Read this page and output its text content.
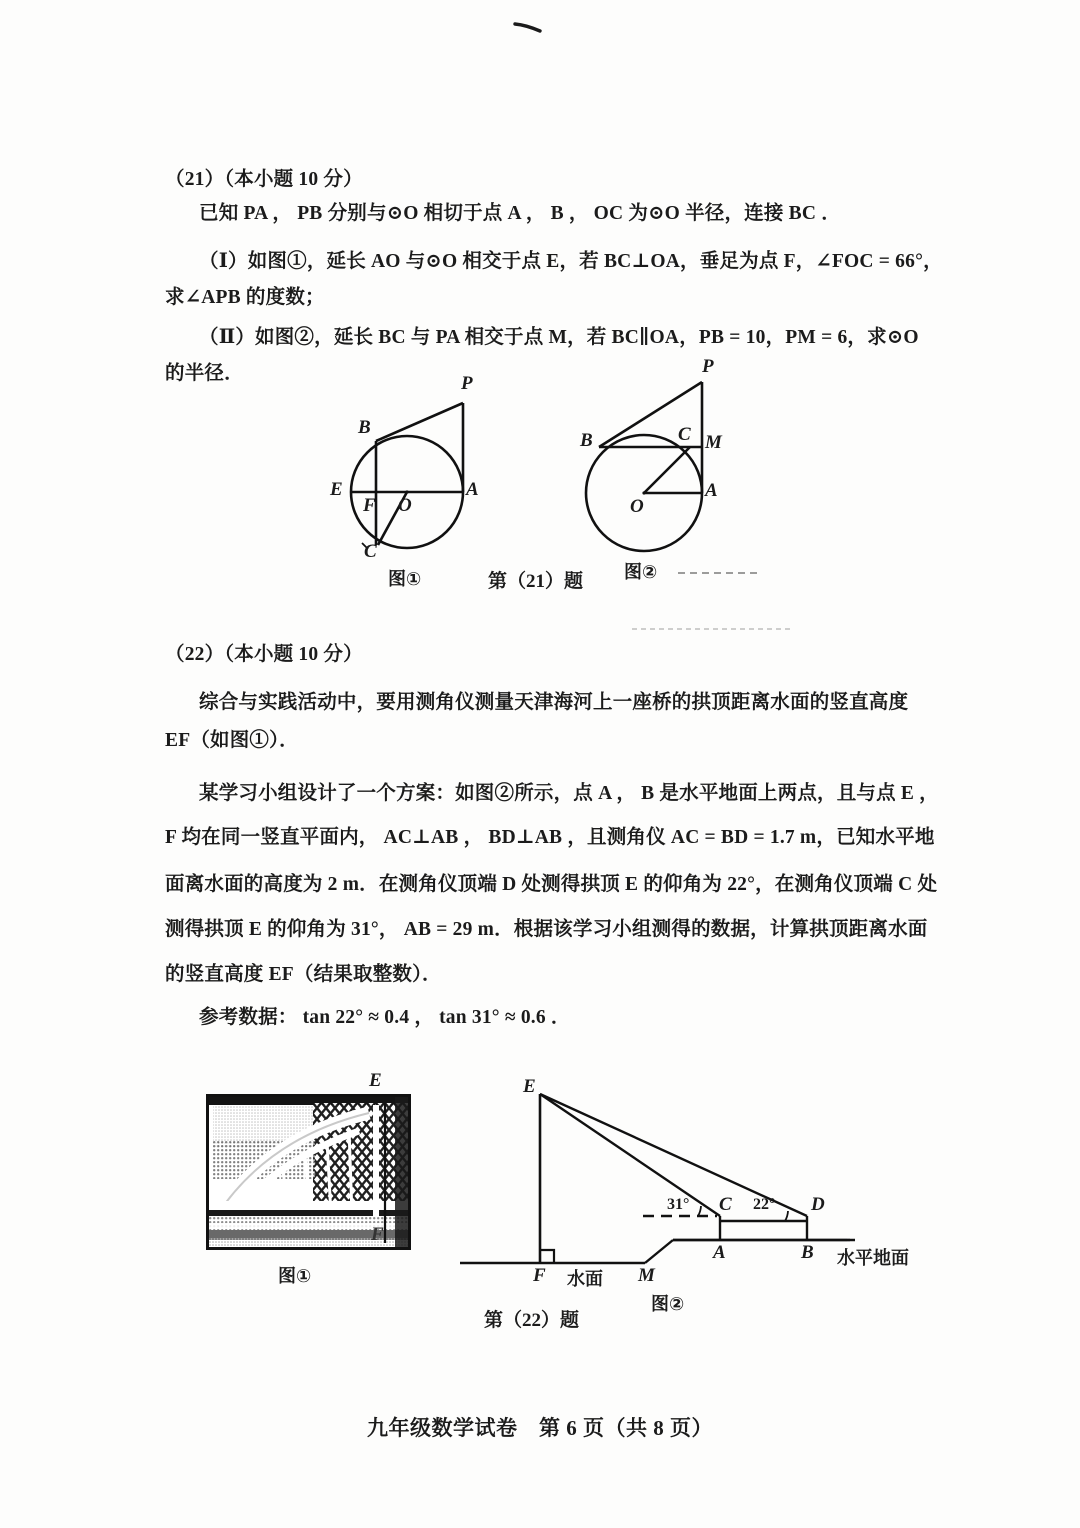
（21）（本小题 10 分）
已知 PA ， PB 分别与⊙O 相切于点 A ， B ， OC 为⊙O 半径，连接 BC ．
（Ⅰ）如图①，延长 AO 与⊙O 相交于点 E，若 BC⊥OA，垂足为点 F，∠FOC = 66°，
求∠APB 的度数；
（Ⅱ）如图②，延长 BC 与 PA 相交于点 M，若 BC∥OA，PB = 10，PM = 6，求⊙O
的半径．	P
B
E
F O
A
C
图①
P
B	C M
O
A
图②
第（21）题
（22）（本小题 10 分）
综合与实践活动中，要用测角仪测量天津海河上一座桥的拱顶距离水面的竖直高度
EF（如图①）．
某学习小组设计了一个方案：如图②所示，点 A ， B 是水平地面上两点，且与点 E ，
F 均在同一竖直平面内， AC⊥AB ， BD⊥AB ，且测角仪 AC = BD = 1.7 m，已知水平地
面离水面的高度为 2 m．在测角仪顶端 D 处测得拱顶 E 的仰角为 22°，在测角仪顶端 C 处
测得拱顶 E 的仰角为 31°， AB = 29 m．根据该学习小组测得的数据，计算拱顶距离水面
的竖直高度 EF（结果取整数）．
参考数据： tan 22° ≈ 0.4 ， tan 31° ≈ 0.6 ．
E
F
图①
E
C	D
A	B
F	M
31°	22°
水平地面
水面
图②
第（22）题
九年级数学试卷　第 6 页（共 8 页）
